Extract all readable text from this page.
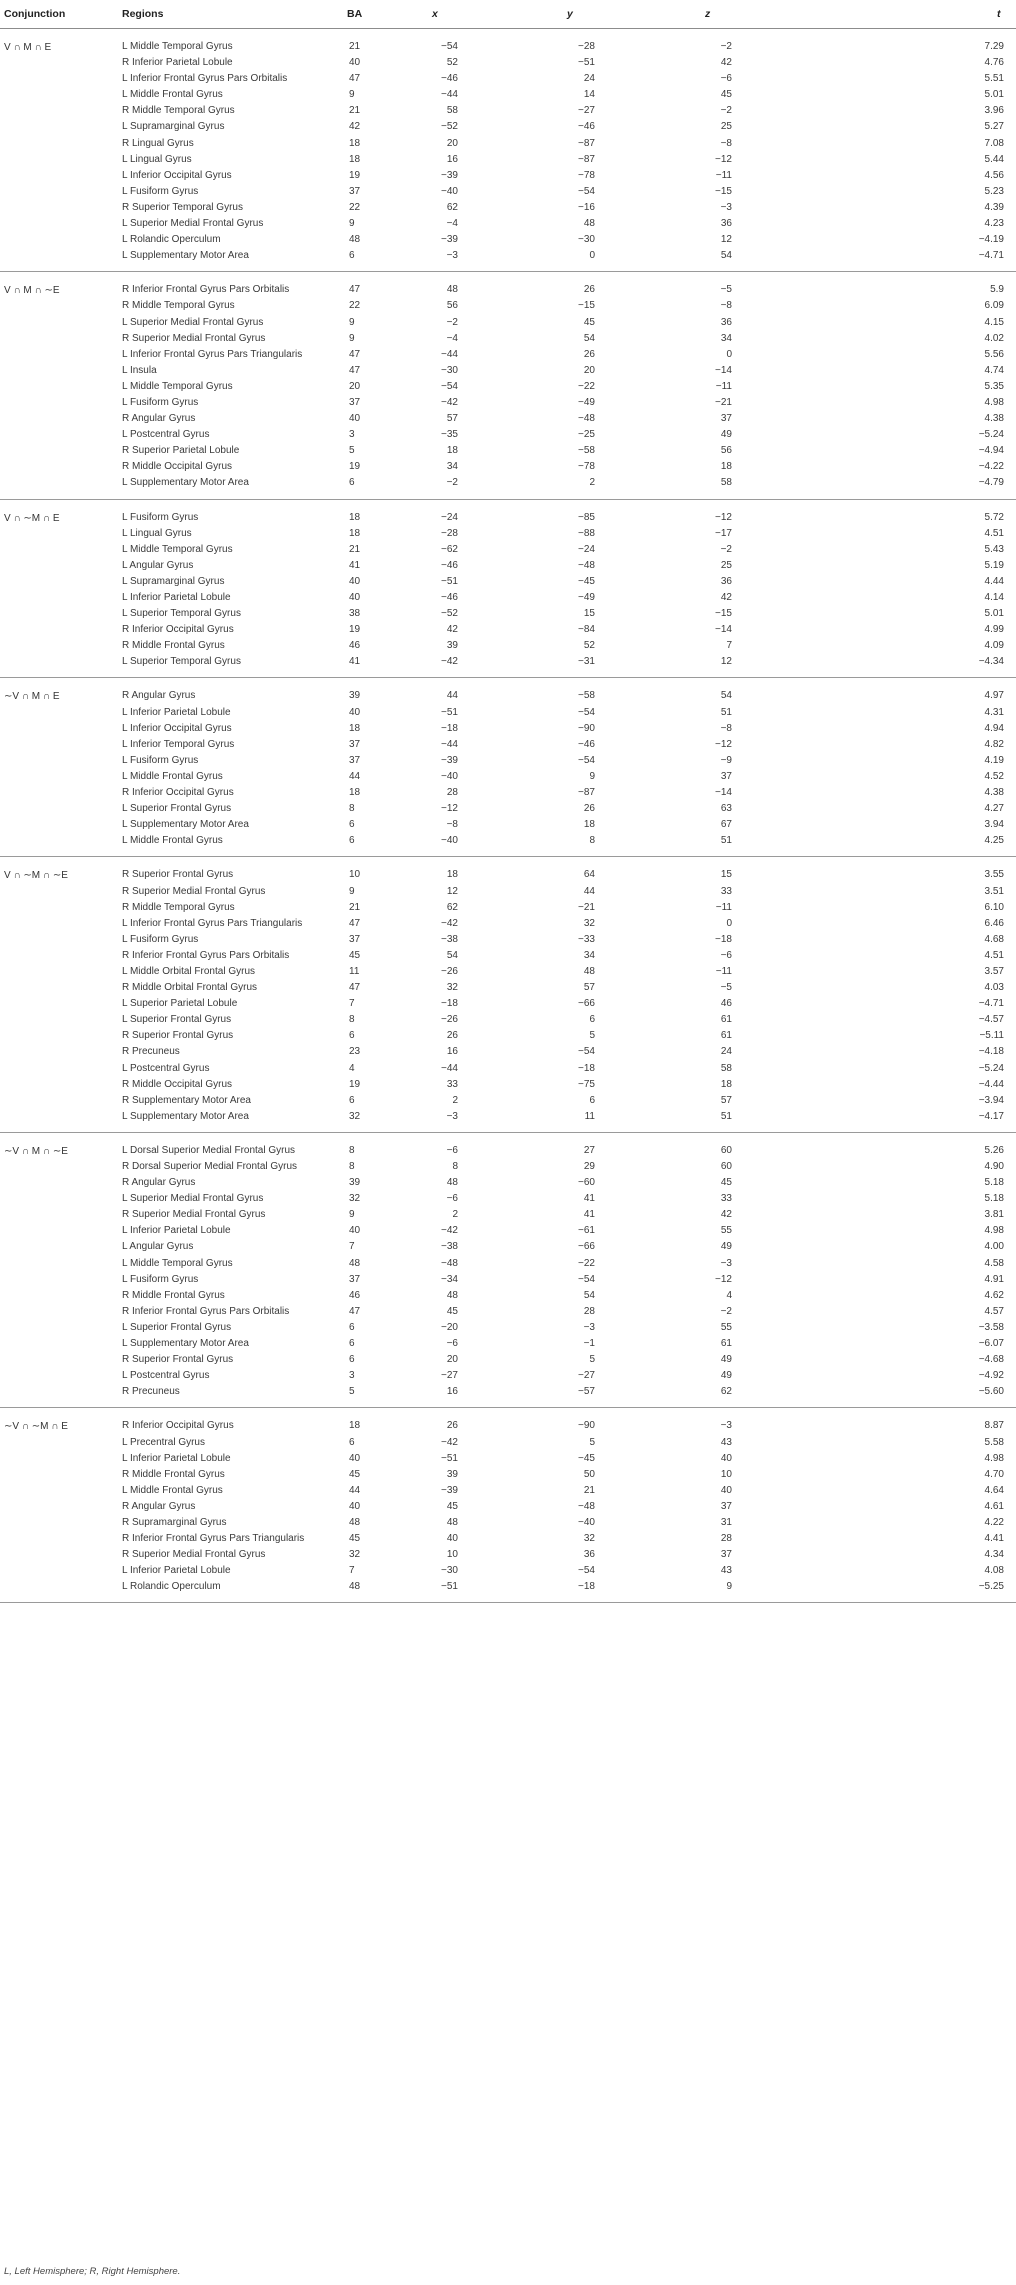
Conjunction	Regions	BA	x	y	z	t
V ∩ M ∩ E	L Middle Temporal Gyrus	21	−54	−28	−2	7.29
R Inferior Parietal Lobule	40	52	−51	42	4.76
L Inferior Frontal Gyrus Pars Orbitalis	47	−46	24	−6	5.51
L Middle Frontal Gyrus	9	−44	14	45	5.01
R Middle Temporal Gyrus	21	58	−27	−2	3.96
L Supramarginal Gyrus	42	−52	−46	25	5.27
R Lingual Gyrus	18	20	−87	−8	7.08
L Lingual Gyrus	18	16	−87	−12	5.44
L Inferior Occipital Gyrus	19	−39	−78	−11	4.56
L Fusiform Gyrus	37	−40	−54	−15	5.23
R Superior Temporal Gyrus	22	62	−16	−3	4.39
L Superior Medial Frontal Gyrus	9	−4	48	36	4.23
L Rolandic Operculum	48	−39	−30	12	−4.19
L Supplementary Motor Area	6	−3	0	54	−4.71
V ∩ M ∩ ∼E	R Inferior Frontal Gyrus Pars Orbitalis	47	48	26	−5	5.9
R Middle Temporal Gyrus	22	56	−15	−8	6.09
L Superior Medial Frontal Gyrus	9	−2	45	36	4.15
R Superior Medial Frontal Gyrus	9	−4	54	34	4.02
L Inferior Frontal Gyrus Pars Triangularis	47	−44	26	0	5.56
L Insula	47	−30	20	−14	4.74
L Middle Temporal Gyrus	20	−54	−22	−11	5.35
L Fusiform Gyrus	37	−42	−49	−21	4.98
R Angular Gyrus	40	57	−48	37	4.38
L Postcentral Gyrus	3	−35	−25	49	−5.24
R Superior Parietal Lobule	5	18	−58	56	−4.94
R Middle Occipital Gyrus	19	34	−78	18	−4.22
L Supplementary Motor Area	6	−2	2	58	−4.79
V ∩ ∼M ∩ E	L Fusiform Gyrus	18	−24	−85	−12	5.72
L Lingual Gyrus	18	−28	−88	−17	4.51
L Middle Temporal Gyrus	21	−62	−24	−2	5.43
L Angular Gyrus	41	−46	−48	25	5.19
L Supramarginal Gyrus	40	−51	−45	36	4.44
L Inferior Parietal Lobule	40	−46	−49	42	4.14
L Superior Temporal Gyrus	38	−52	15	−15	5.01
R Inferior Occipital Gyrus	19	42	−84	−14	4.99
R Middle Frontal Gyrus	46	39	52	7	4.09
L Superior Temporal Gyrus	41	−42	−31	12	−4.34
∼V ∩ M ∩ E	R Angular Gyrus	39	44	−58	54	4.97
L Inferior Parietal Lobule	40	−51	−54	51	4.31
L Inferior Occipital Gyrus	18	−18	−90	−8	4.94
L Inferior Temporal Gyrus	37	−44	−46	−12	4.82
L Fusiform Gyrus	37	−39	−54	−9	4.19
L Middle Frontal Gyrus	44	−40	9	37	4.52
R Inferior Occipital Gyrus	18	28	−87	−14	4.38
L Superior Frontal Gyrus	8	−12	26	63	4.27
L Supplementary Motor Area	6	−8	18	67	3.94
L Middle Frontal Gyrus	6	−40	8	51	4.25
V ∩ ∼M ∩ ∼E	R Superior Frontal Gyrus	10	18	64	15	3.55
R Superior Medial Frontal Gyrus	9	12	44	33	3.51
R Middle Temporal Gyrus	21	62	−21	−11	6.10
L Inferior Frontal Gyrus Pars Triangularis	47	−42	32	0	6.46
L Fusiform Gyrus	37	−38	−33	−18	4.68
R Inferior Frontal Gyrus Pars Orbitalis	45	54	34	−6	4.51
L Middle Orbital Frontal Gyrus	11	−26	48	−11	3.57
R Middle Orbital Frontal Gyrus	47	32	57	−5	4.03
L Superior Parietal Lobule	7	−18	−66	46	−4.71
L Superior Frontal Gyrus	8	−26	6	61	−4.57
R Superior Frontal Gyrus	6	26	5	61	−5.11
R Precuneus	23	16	−54	24	−4.18
L Postcentral Gyrus	4	−44	−18	58	−5.24
R Middle Occipital Gyrus	19	33	−75	18	−4.44
R Supplementary Motor Area	6	2	6	57	−3.94
L Supplementary Motor Area	32	−3	11	51	−4.17
∼V ∩ M ∩ ∼E	L Dorsal Superior Medial Frontal Gyrus	8	−6	27	60	5.26
R Dorsal Superior Medial Frontal Gyrus	8	8	29	60	4.90
R Angular Gyrus	39	48	−60	45	5.18
L Superior Medial Frontal Gyrus	32	−6	41	33	5.18
R Superior Medial Frontal Gyrus	9	2	41	42	3.81
L Inferior Parietal Lobule	40	−42	−61	55	4.98
L Angular Gyrus	7	−38	−66	49	4.00
L Middle Temporal Gyrus	48	−48	−22	−3	4.58
L Fusiform Gyrus	37	−34	−54	−12	4.91
R Middle Frontal Gyrus	46	48	54	4	4.62
R Inferior Frontal Gyrus Pars Orbitalis	47	45	28	−2	4.57
L Superior Frontal Gyrus	6	−20	−3	55	−3.58
L Supplementary Motor Area	6	−6	−1	61	−6.07
R Superior Frontal Gyrus	6	20	5	49	−4.68
L Postcentral Gyrus	3	−27	−27	49	−4.92
R Precuneus	5	16	−57	62	−5.60
∼V ∩ ∼M ∩ E	R Inferior Occipital Gyrus	18	26	−90	−3	8.87
L Precentral Gyrus	6	−42	5	43	5.58
L Inferior Parietal Lobule	40	−51	−45	40	4.98
R Middle Frontal Gyrus	45	39	50	10	4.70
L Middle Frontal Gyrus	44	−39	21	40	4.64
R Angular Gyrus	40	45	−48	37	4.61
R Supramarginal Gyrus	48	48	−40	31	4.22
R Inferior Frontal Gyrus Pars Triangularis	45	40	32	28	4.41
R Superior Medial Frontal Gyrus	32	10	36	37	4.34
L Inferior Parietal Lobule	7	−30	−54	43	4.08
L Rolandic Operculum	48	−51	−18	9	−5.25
L, Left Hemisphere; R, Right Hemisphere.
